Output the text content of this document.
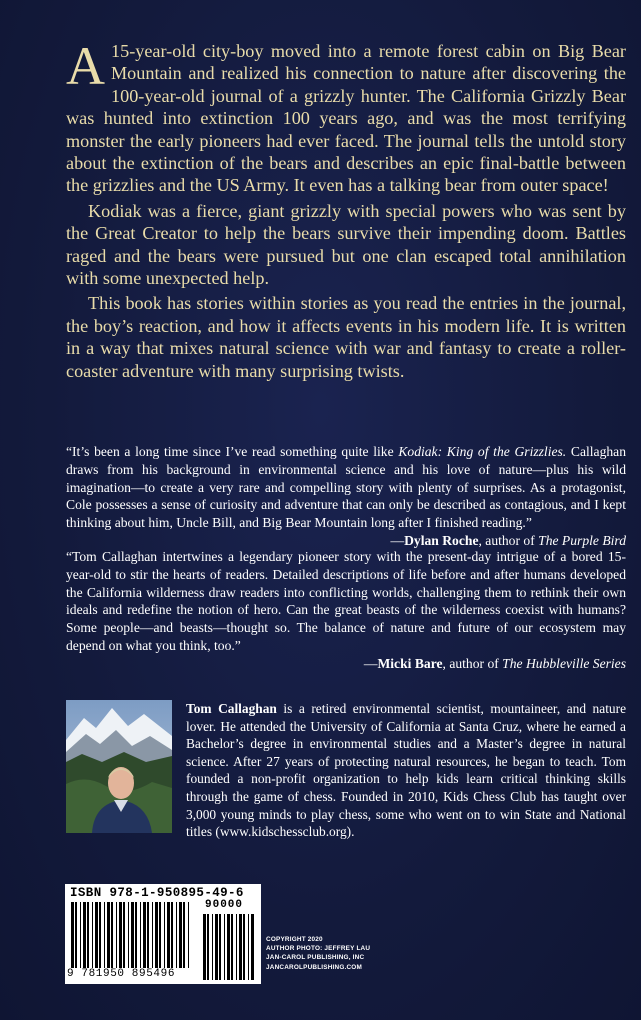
A 15-year-old city-boy moved into a remote forest cabin on Big Bear Mountain and realized his connection to nature after discovering the 100-year-old journal of a grizzly hunter. The California Grizzly Bear was hunted into extinction 100 years ago, and was the most terrifying monster the early pioneers had ever faced. The journal tells the untold story about the extinction of the bears and describes an epic final-battle between the grizzlies and the US Army. It even has a talking bear from outer space!

Kodiak was a fierce, giant grizzly with special powers who was sent by the Great Creator to help the bears survive their impending doom. Battles raged and the bears were pursued but one clan escaped total annihilation with some unexpected help.

This book has stories within stories as you read the entries in the journal, the boy’s reaction, and how it affects events in his modern life. It is written in a way that mixes natural science with war and fantasy to create a roller-coaster adventure with many surprising twists.

“It’s been a long time since I’ve read something quite like Kodiak: King of the Grizzlies. Callaghan draws from his background in environmental science and his love of nature—plus his wild imagination—to create a very rare and compelling story with plenty of surprises. As a protagonist, Cole possesses a sense of curiosity and adventure that can only be described as contagious, and I kept thinking about him, Uncle Bill, and Big Bear Mountain long after I finished reading.”

—Dylan Roche, author of The Purple Bird

“Tom Callaghan intertwines a legendary pioneer story with the present-day intrigue of a bored 15-year-old to stir the hearts of readers. Detailed descriptions of life before and after humans developed the California wilderness draw readers into conflicting worlds, challenging them to rethink their own ideals and redefine the notion of hero. Can the great beasts of the wilderness coexist with humans? Some people—and beasts—thought so. The balance of nature and future of our ecosystem may depend on what you think, too.”

—Micki Bare, author of The Hubbleville Series

Tom Callaghan is a retired environmental scientist, mountaineer, and nature lover. He attended the University of California at Santa Cruz, where he earned a Bachelor’s degree in environmental studies and a Master’s degree in natural science. After 27 years of protecting natural resources, he began to teach. Tom founded a non-profit organization to help kids learn critical thinking skills through the game of chess. Founded in 2010, Kids Chess Club has taught over 3,000 young minds to play chess, some who went on to win State and National titles (www.kidschessclub.org).
ISBN 978-1-950895-49-6
90000
9 781950 895496
COPYRIGHT 2020
AUTHOR PHOTO: JEFFREY LAU
JAN-CAROL PUBLISHING, INC
JANCAROLPUBLISHING.COM
